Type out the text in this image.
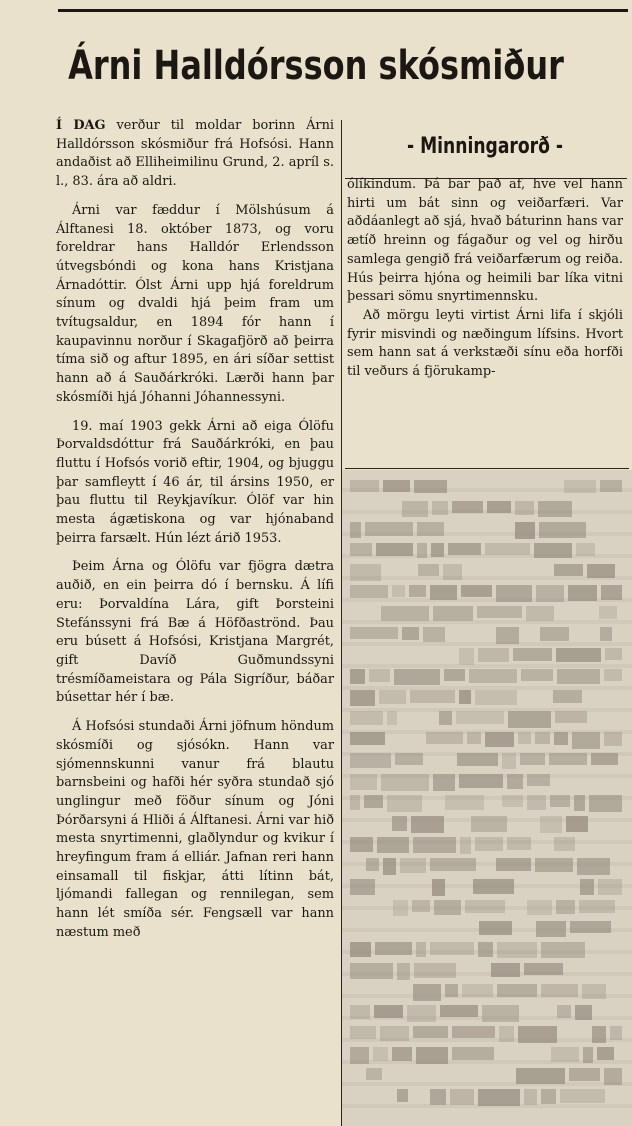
Árni Halldórsson skósmiður

Í DAG verður til moldar borinn Árni Halldórsson skósmiður frá Hofsósi. Hann andaðist að Elliheimilinu Grund, 2. apríl s. l., 83. ára að aldri.

Árni var fæddur í Mölshúsum á Álftanesi 18. október 1873, og voru foreldrar hans Halldór Erlendsson útvegsbóndi og kona hans Kristjana Árnadóttir. Ólst Árni upp hjá foreldrum sínum og dvaldi hjá þeim fram um tvítugsaldur, en 1894 fór hann í kaupavinnu norður í Skagafjörð að þeirra tíma sið og aftur 1895, en ári síðar settist hann að á Sauðárkróki. Lærði hann þar skósmíði hjá Jóhanni Jóhannessyni.

19. maí 1903 gekk Árni að eiga Ólöfu Þorvaldsdóttur frá Sauðárkróki, en þau fluttu í Hofsós vorið eftir, 1904, og bjuggu þar samfleytt í 46 ár, til ársins 1950, er þau fluttu til Reykjavíkur. Ólöf var hin mesta ágætiskona og var hjónaband þeirra farsælt. Hún lézt árið 1953.

Þeim Árna og Ólöfu var fjögra dætra auðið, en ein þeirra dó í bernsku. Á lífi eru: Þorvaldína Lára, gift Þorsteini Stefánssyni frá Bæ á Höfðaströnd. Þau eru búsett á Hofsósi, Kristjana Margrét, gift Davíð Guðmundssyni trésmíðameistara og Pála Sigríður, báðar búsettar hér í bæ.

Á Hofsósi stundaði Árni jöfnum höndum skósmíði og sjósókn. Hann var sjómennskunni vanur frá blautu barnsbeini og hafði hér syðra stundað sjó unglingur með föður sínum og Jóni Þórðarsyni á Hliði á Álftanesi. Árni var hið mesta snyrtimenni, glaðlyndur og kvikur í hreyfingum fram á elliár. Jafnan reri hann einsamall til fiskjar, átti lítinn bát, ljómandi fallegan og rennilegan, sem hann lét smíða sér. Fengsæll var hann næstum með

- Minningarorð -

ólíkindum. Þá bar það af, hve vel hann hirti um bát sinn og veiðarfæri. Var aðdáanlegt að sjá, hvað báturinn hans var ætíð hreinn og fágaður og vel og hirðu samlega gengið frá veiðarfærum og reiða. Hús þeirra hjóna og heimili bar líka vitni þessari sömu snyrtimennsku.

Að mörgu leyti virtist Árni lifa í skjóli fyrir misvindi og næðingum lífsins. Hvort sem hann sat á verkstæði sínu eða horfði til veðurs á fjörukamp-
